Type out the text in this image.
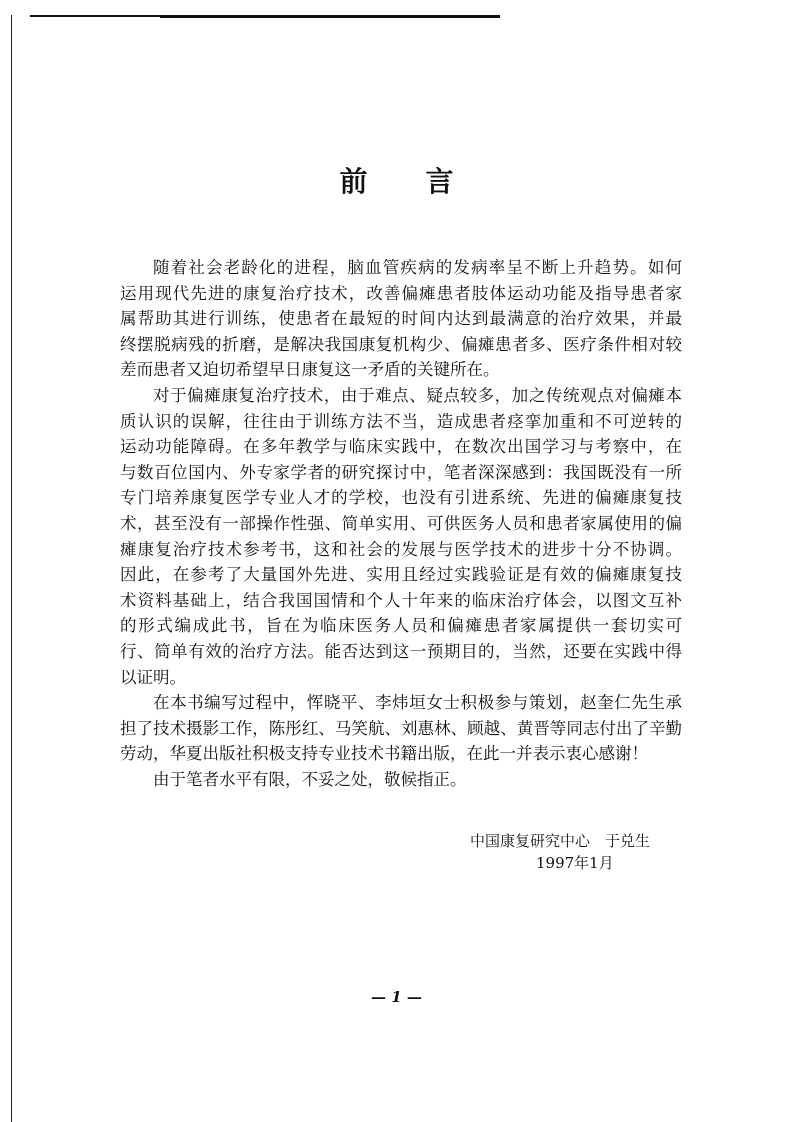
前言
随着社会老龄化的进程，脑血管疾病的发病率呈不断上升趋势。如何
运用现代先进的康复治疗技术，改善偏瘫患者肢体运动功能及指导患者家
属帮助其进行训练，使患者在最短的时间内达到最满意的治疗效果，并最
终摆脱病残的折磨，是解决我国康复机构少、偏瘫患者多、医疗条件相对较
差而患者又迫切希望早日康复这一矛盾的关键所在。
对于偏瘫康复治疗技术，由于难点、疑点较多，加之传统观点对偏瘫本
质认识的误解，往往由于训练方法不当，造成患者痉挛加重和不可逆转的
运动功能障碍。在多年教学与临床实践中，在数次出国学习与考察中，在
与数百位国内、外专家学者的研究探讨中，笔者深深感到：我国既没有一所
专门培养康复医学专业人才的学校，也没有引进系统、先进的偏瘫康复技
术，甚至没有一部操作性强、简单实用、可供医务人员和患者家属使用的偏
瘫康复治疗技术参考书，这和社会的发展与医学技术的进步十分不协调。
因此，在参考了大量国外先进、实用且经过实践验证是有效的偏瘫康复技
术资料基础上，结合我国国情和个人十年来的临床治疗体会，以图文互补
的形式编成此书，旨在为临床医务人员和偏瘫患者家属提供一套切实可
行、简单有效的治疗方法。能否达到这一预期目的，当然，还要在实践中得
以证明。
在本书编写过程中，恽晓平、李炜垣女士积极参与策划，赵奎仁先生承
担了技术摄影工作，陈彤红、马笑航、刘惠林、顾越、黄晋等同志付出了辛勤
劳动，华夏出版社积极支持专业技术书籍出版，在此一并表示衷心感谢！
由于笔者水平有限，不妥之处，敬候指正。
中国康复研究中心　于兑生
1997年1月
— 1 —
